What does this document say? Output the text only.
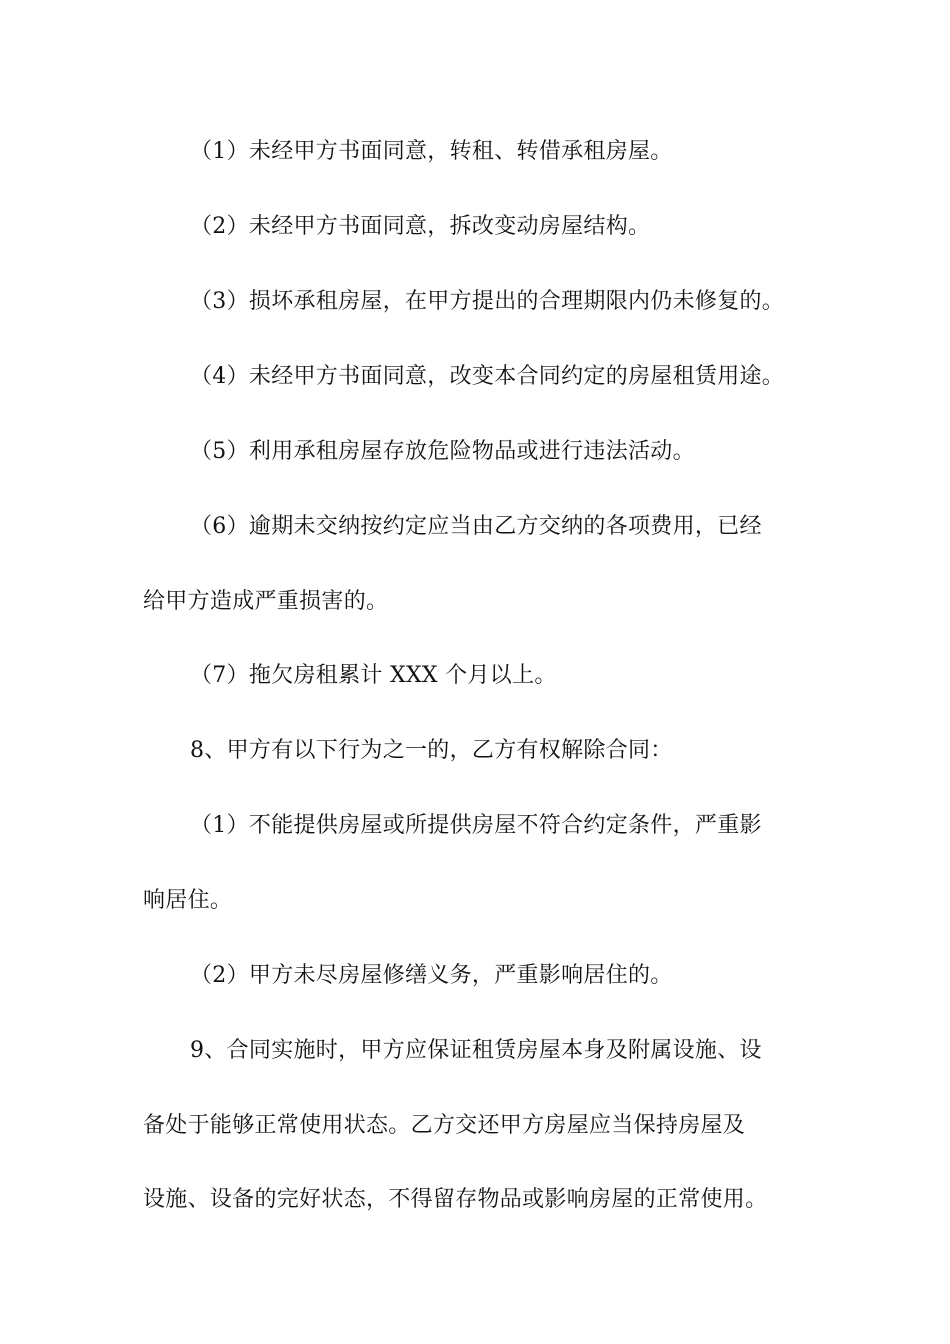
（1）未经甲方书面同意，转租、转借承租房屋。
（2）未经甲方书面同意，拆改变动房屋结构。
（3）损坏承租房屋，在甲方提出的合理期限内仍未修复的。
（4）未经甲方书面同意，改变本合同约定的房屋租赁用途。
（5）利用承租房屋存放危险物品或进行违法活动。
（6）逾期未交纳按约定应当由乙方交纳的各项费用，已经
给甲方造成严重损害的。
（7）拖欠房租累计 XXX 个月以上。
8、甲方有以下行为之一的，乙方有权解除合同：
（1）不能提供房屋或所提供房屋不符合约定条件，严重影
响居住。
（2）甲方未尽房屋修缮义务，严重影响居住的。
9、合同实施时，甲方应保证租赁房屋本身及附属设施、设
备处于能够正常使用状态。乙方交还甲方房屋应当保持房屋及
设施、设备的完好状态，不得留存物品或影响房屋的正常使用。
